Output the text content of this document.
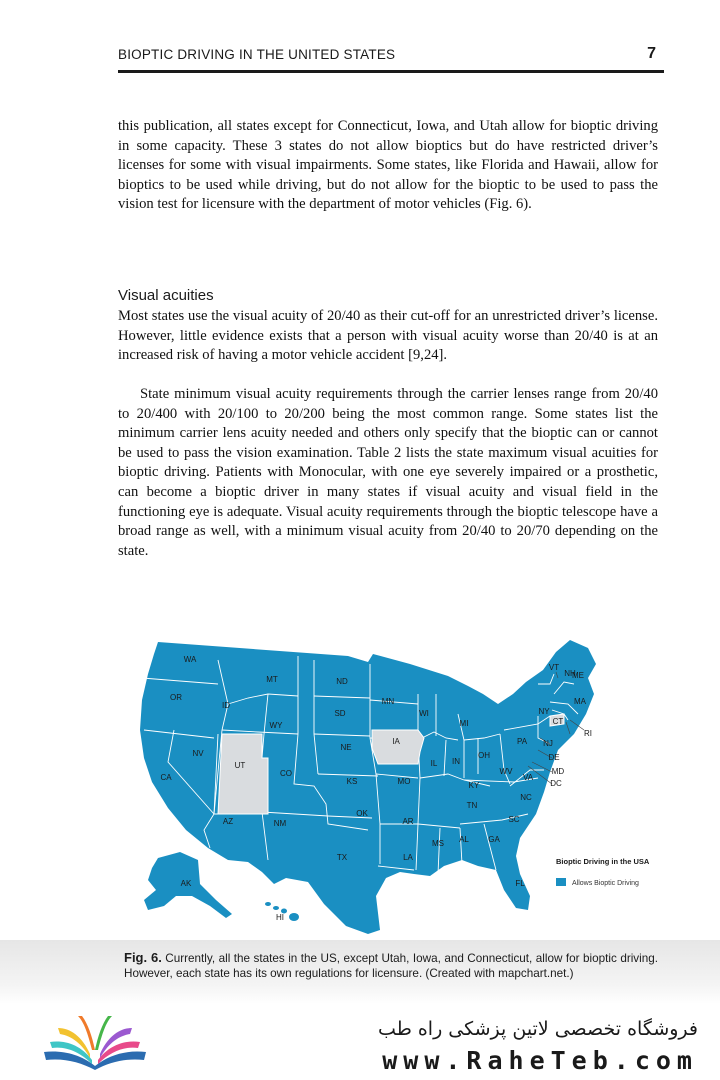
BIOPTIC DRIVING IN THE UNITED STATES	7

this publication, all states except for Connecticut, Iowa, and Utah allow for bioptic driving in some capacity. These 3 states do not allow bioptics but do have restricted driver’s licenses for some with visual impairments. Some states, like Florida and Hawaii, allow for bioptics to be used while driving, but do not allow for the bioptic to be used to pass the vision test for licensure with the department of motor vehicles (Fig. 6).

Visual acuities

Most states use the visual acuity of 20/40 as their cut-off for an unrestricted driver’s license. However, little evidence exists that a person with visual acuity worse than 20/40 is at an increased risk of having a motor vehicle accident [9,24].

State minimum visual acuity requirements through the carrier lenses range from 20/40 to 20/400 with 20/100 to 20/200 being the most common range. Some states list the minimum carrier lens acuity needed and others only specify that the bioptic can or cannot be used to pass the vision examination. Table 2 lists the state maximum visual acuities for bioptic driving. Patients with Monocular, with one eye severely impaired or a prosthetic, can become a bioptic driver in many states if visual acuity and visual field in the functioning eye is adequate. Visual acuity requirements through the bioptic telescope have a broad range as well, with a minimum visual acuity from 20/40 to 20/70 depending on the state.

Bioptic Driving in the USA
Allows Bioptic Driving
WA
OR
CA
NV
ID
MT
WY
UT
CO
AZ	NM
ND
SD
NE
KS
OK
TX
MN
IA
MO
AR
LA
WI
IL
MI
IN
OH
KY
TN
MS AL GA
FL
SC
NC
VA
WV
PA
NY
VT
NH
ME
MA
RI
CT
NJ
DE
MD
DC
AK
HI
Fig. 6. Currently, all the states in the US, except Utah, Iowa, and Connecticut, allow for bioptic driving. However, each state has its own regulations for licensure. (Created with mapchart.net.)
فروشگاه تخصصی لاتین پزشکی راه طب
www.RaheTeb.com
